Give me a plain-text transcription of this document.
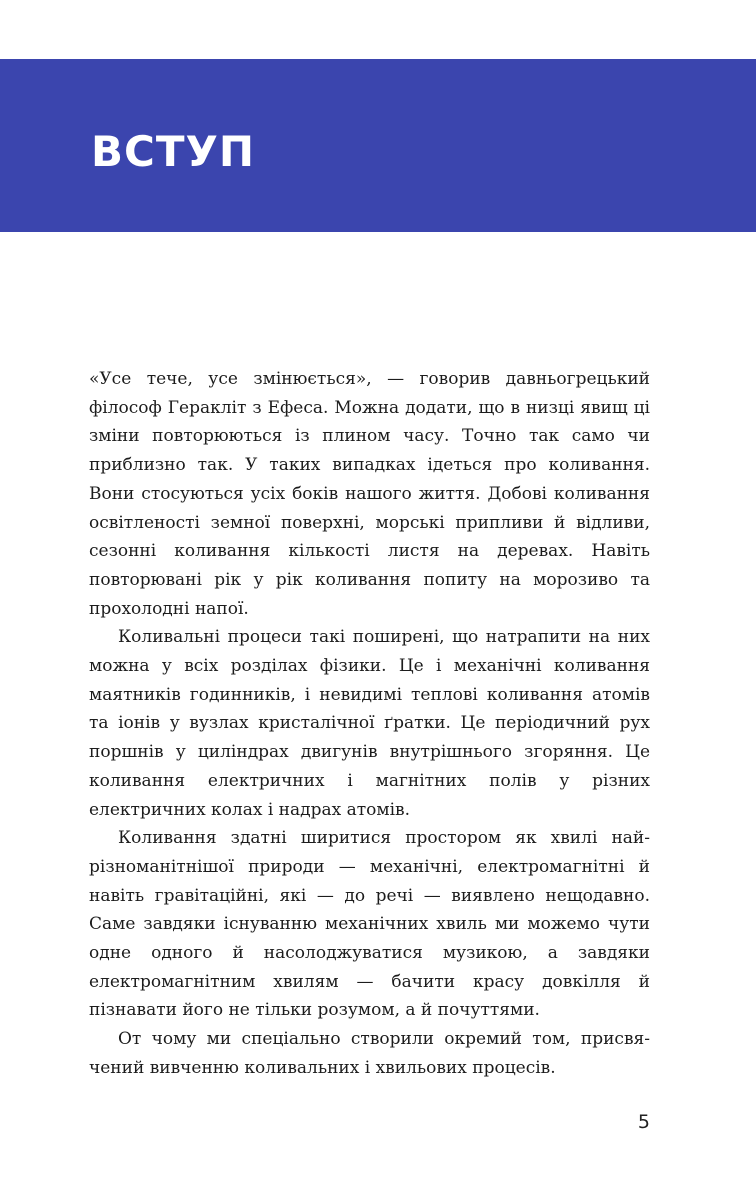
ВСТУП

«Усе тече, усе змінюється», — говорив давньогрецький філософ Геракліт з Ефеса. Можна додати, що в низці явищ ці зміни повторюються із плином часу. Точно так само чи приблизно так. У таких випадках ідеться про коливання. Вони стосуються усіх боків нашого життя. Добові коливання освітленості земної поверхні, морські припливи й відливи, сезонні коливання кількості листя на деревах. Навіть повторювані рік у рік коливання попиту на морозиво та прохолодні напої.

Коливальні процеси такі поширені, що натрапити на них можна у всіх розділах фізики. Це і механічні коливання маятників годинників, і невидимі теплові коливання атомів та іонів у вузлах кристалічної ґратки. Це періодичний рух поршнів у циліндрах двигунів внутрішнього згоряння. Це коливання електричних і магнітних полів у різних електричних колах і надрах атомів.

Коливання здатні ширитися простором як хвилі найрізноманітнішої природи — механічні, електромагнітні й навіть гравітаційні, які — до речі — виявлено нещодавно. Саме завдяки існуванню механічних хвиль ми можемо чути одне одного й насолоджуватися музикою, а завдяки електромагнітним хвилям — бачити красу довкілля й пізнавати його не тільки розумом, а й почуттями.

От чому ми спеціально створили окремий том, присвячений вивченню коливальних і хвильових процесів.

5
